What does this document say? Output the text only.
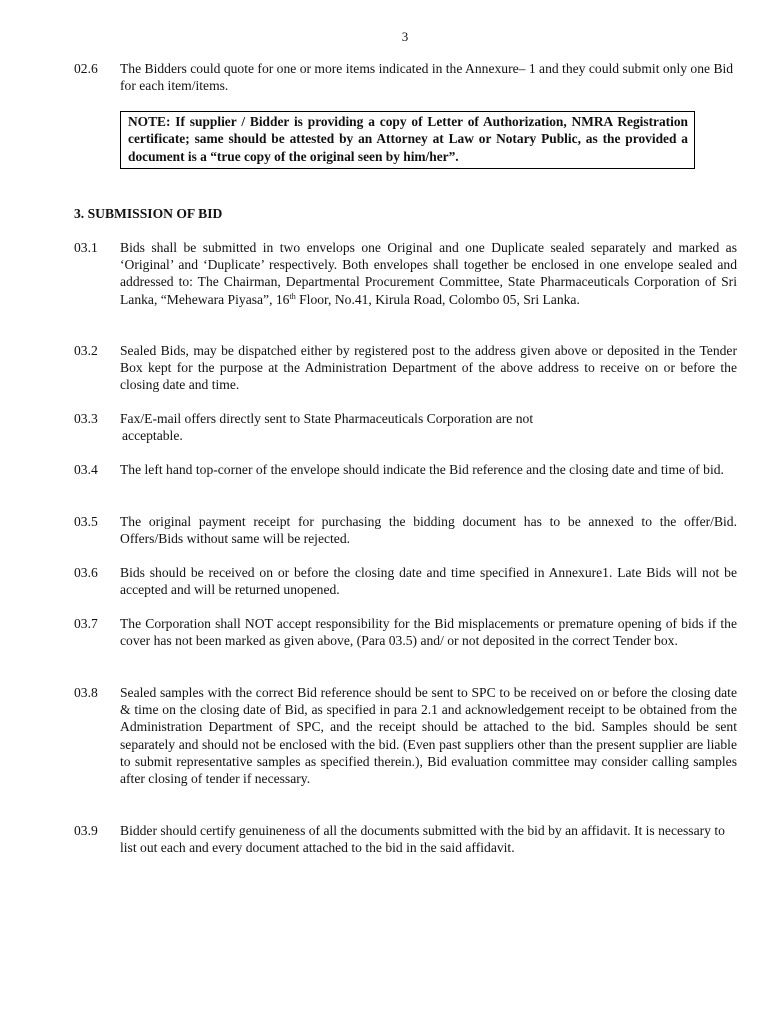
3
02.6	The Bidders could quote for one or more items indicated in the Annexure– 1 and they could submit only one Bid for each item/items.
NOTE: If supplier / Bidder is providing a copy of Letter of Authorization, NMRA Registration certificate; same should be attested by an Attorney at Law or Notary Public, as the provided a document is a “true copy of the original seen by him/her”.
3. SUBMISSION OF BID
03.1	Bids shall be submitted in two envelops one Original and one Duplicate sealed separately and marked as ‘Original’ and ‘Duplicate’ respectively. Both envelopes shall together be enclosed in one envelope sealed and addressed to: The Chairman, Departmental Procurement Committee, State Pharmaceuticals Corporation of Sri Lanka, “Mehewara Piyasa”, 16th Floor, No.41, Kirula Road, Colombo 05, Sri Lanka.
03.2	Sealed Bids, may be dispatched either by registered post to the address given above or deposited in the Tender Box kept for the purpose at the Administration Department of the above address to receive on or before the closing date and time.
03.3	Fax/E-mail offers directly sent to State Pharmaceuticals Corporation are not
acceptable.
03.4	The left hand top-corner of the envelope should indicate the Bid reference and the closing date and time of bid.
03.5	The original payment receipt for purchasing the bidding document has to be annexed to the offer/Bid. Offers/Bids without same will be rejected.
03.6	Bids should be received on or before the closing date and time specified in Annexure1. Late Bids will not be accepted and will be returned unopened.
03.7	The Corporation shall NOT accept responsibility for the Bid misplacements or premature opening of bids if the cover has not been marked as given above, (Para 03.5) and/ or not deposited in the correct Tender box.
03.8	Sealed samples with the correct Bid reference should be sent to SPC to be received on or before the closing date & time on the closing date of Bid, as specified in para 2.1 and acknowledgement receipt to be obtained from the Administration Department of SPC, and the receipt should be attached to the bid. Samples should be sent separately and should not be enclosed with the bid. (Even past suppliers other than the present supplier are liable to submit representative samples as specified therein.), Bid evaluation committee may consider calling samples after closing of tender if necessary.
03.9	Bidder should certify genuineness of all the documents submitted with the bid by an affidavit. It is necessary to list out each and every document attached to the bid in the said affidavit.
